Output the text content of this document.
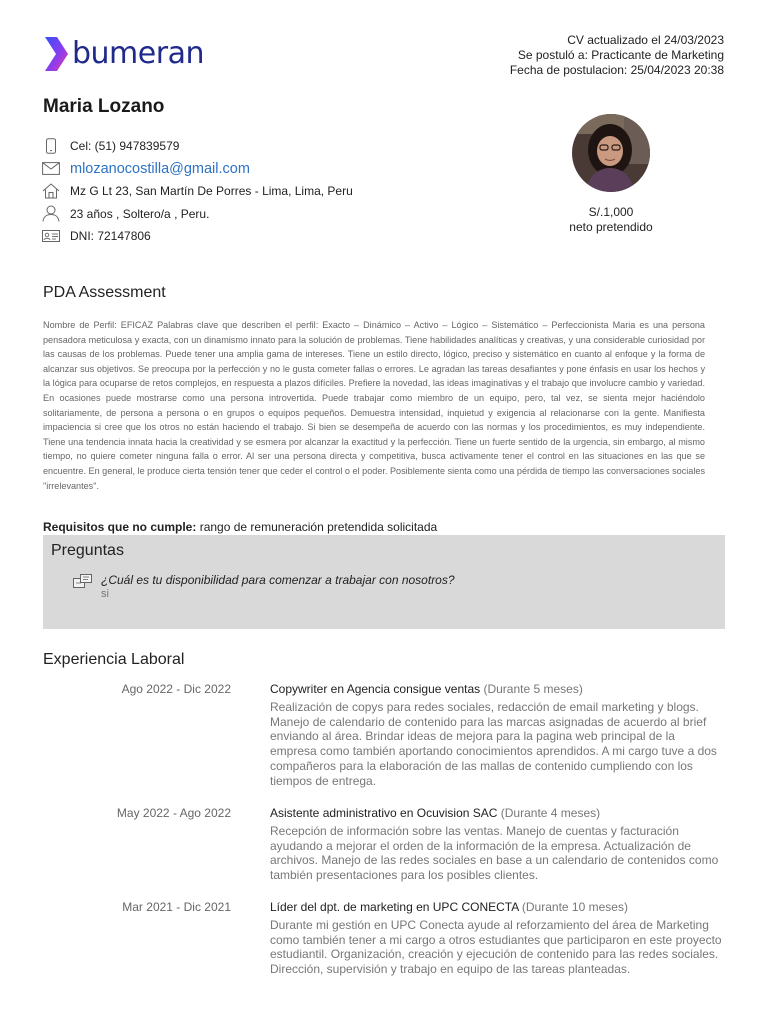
bumeran	CV actualizado el 24/03/2023
Se postuló a: Practicante de Marketing
Fecha de postulacion: 25/04/2023 20:38
Maria Lozano
Cel: (51) 947839579
mlozanocostilla@gmail.com
Mz G Lt 23, San Martín De Porres - Lima, Lima, Peru
23 años , Soltero/a , Peru.
DNI: 72147806
S/.1,000
neto pretendido
PDA Assessment
Nombre de Perfil: EFICAZ Palabras clave que describen el perfil: Exacto – Dinámico – Activo – Lógico – Sistemático – Perfeccionista Maria es una persona pensadora meticulosa y exacta, con un dinamismo innato para la solución de problemas. Tiene habilidades analíticas y creativas, y una considerable curiosidad por las causas de los problemas. Puede tener una amplia gama de intereses. Tiene un estilo directo, lógico, preciso y sistemático en cuanto al enfoque y la forma de alcanzar sus objetivos. Se preocupa por la perfección y no le gusta cometer fallas o errores. Le agradan las tareas desafiantes y pone énfasis en usar los hechos y la lógica para ocuparse de retos complejos, en respuesta a plazos difíciles. Prefiere la novedad, las ideas imaginativas y el trabajo que involucre cambio y variedad. En ocasiones puede mostrarse como una persona introvertida. Puede trabajar como miembro de un equipo, pero, tal vez, se sienta mejor haciéndolo solitariamente, de persona a persona o en grupos o equipos pequeños. Demuestra intensidad, inquietud y exigencia al relacionarse con la gente. Manifiesta impaciencia si cree que los otros no están haciendo el trabajo. Si bien se desempeña de acuerdo con las normas y los procedimientos, es muy independiente. Tiene una tendencia innata hacia la creatividad y se esmera por alcanzar la exactitud y la perfección. Tiene un fuerte sentido de la urgencia, sin embargo, al mismo tiempo, no quiere cometer ninguna falla o error. Al ser una persona directa y competitiva, busca activamente tener el control en las situaciones en las que se encuentre. En general, le produce cierta tensión tener que ceder el control o el poder. Posiblemente sienta como una pérdida de tiempo las conversaciones sociales "irrelevantes".
Requisitos que no cumple: rango de remuneración pretendida solicitada
Preguntas
¿Cuál es tu disponibilidad para comenzar a trabajar con nosotros?
si
Experiencia Laboral
Ago 2022 - Dic 2022	Copywriter en Agencia consigue ventas (Durante 5 meses)
Realización de copys para redes sociales, redacción de email marketing y blogs. Manejo de calendario de contenido para las marcas asignadas de acuerdo al brief enviando al área. Brindar ideas de mejora para la pagina web principal de la empresa como también aportando conocimientos aprendidos. A mi cargo tuve a dos compañeros para la elaboración de las mallas de contenido cumpliendo con los tiempos de entrega.
May 2022 - Ago 2022	Asistente administrativo en Ocuvision SAC (Durante 4 meses)
Recepción de información sobre las ventas. Manejo de cuentas y facturación ayudando a mejorar el orden de la información de la empresa. Actualización de archivos. Manejo de las redes sociales en base a un calendario de contenidos como también presentaciones para los posibles clientes.
Mar 2021 - Dic 2021	Líder del dpt. de marketing en UPC CONECTA (Durante 10 meses)
Durante mi gestión en UPC Conecta ayude al reforzamiento del área de Marketing como también tener a mi cargo a otros estudiantes que participaron en este proyecto estudiantil. Organización, creación y ejecución de contenido para las redes sociales. Dirección, supervisión y trabajo en equipo de las tareas planteadas.
